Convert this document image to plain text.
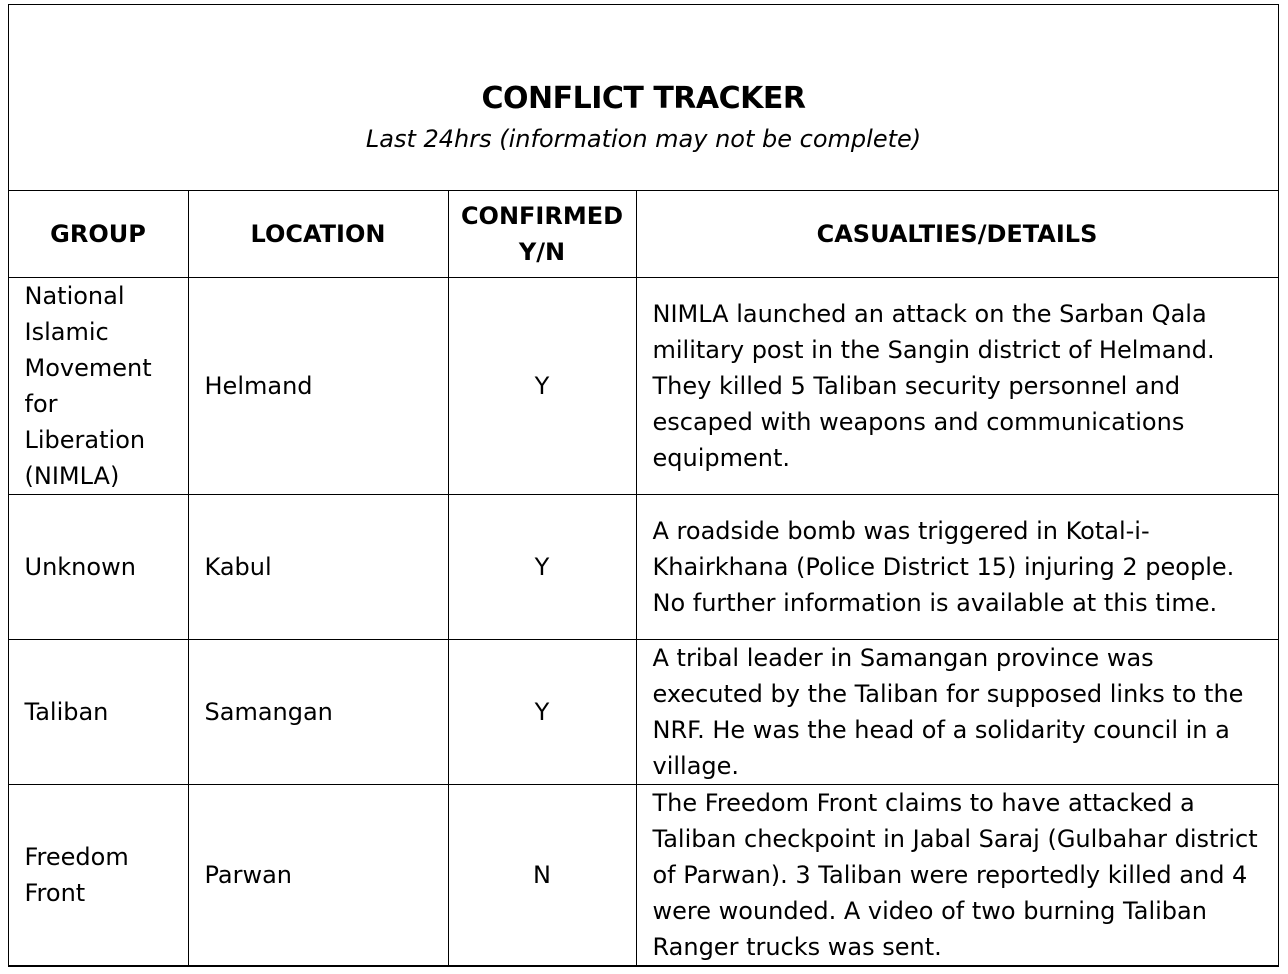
CONFLICT TRACKER
Last 24hrs (information may not be complete)
GROUP	LOCATION	CONFIRMED Y/N	CASUALTIES/DETAILS
National Islamic Movement for Liberation (NIMLA)	Helmand	Y	NIMLA launched an attack on the Sarban Qala military post in the Sangin district of Helmand. They killed 5 Taliban security personnel and escaped with weapons and communications equipment.
Unknown	Kabul	Y	A roadside bomb was triggered in Kotal-i-Khairkhana (Police District 15) injuring 2 people. No further information is available at this time.
Taliban	Samangan	Y	A tribal leader in Samangan province was executed by the Taliban for supposed links to the NRF. He was the head of a solidarity council in a village.
Freedom Front	Parwan	N	The Freedom Front claims to have attacked a Taliban checkpoint in Jabal Saraj (Gulbahar district of Parwan). 3 Taliban were reportedly killed and 4 were wounded. A video of two burning Taliban Ranger trucks was sent.
